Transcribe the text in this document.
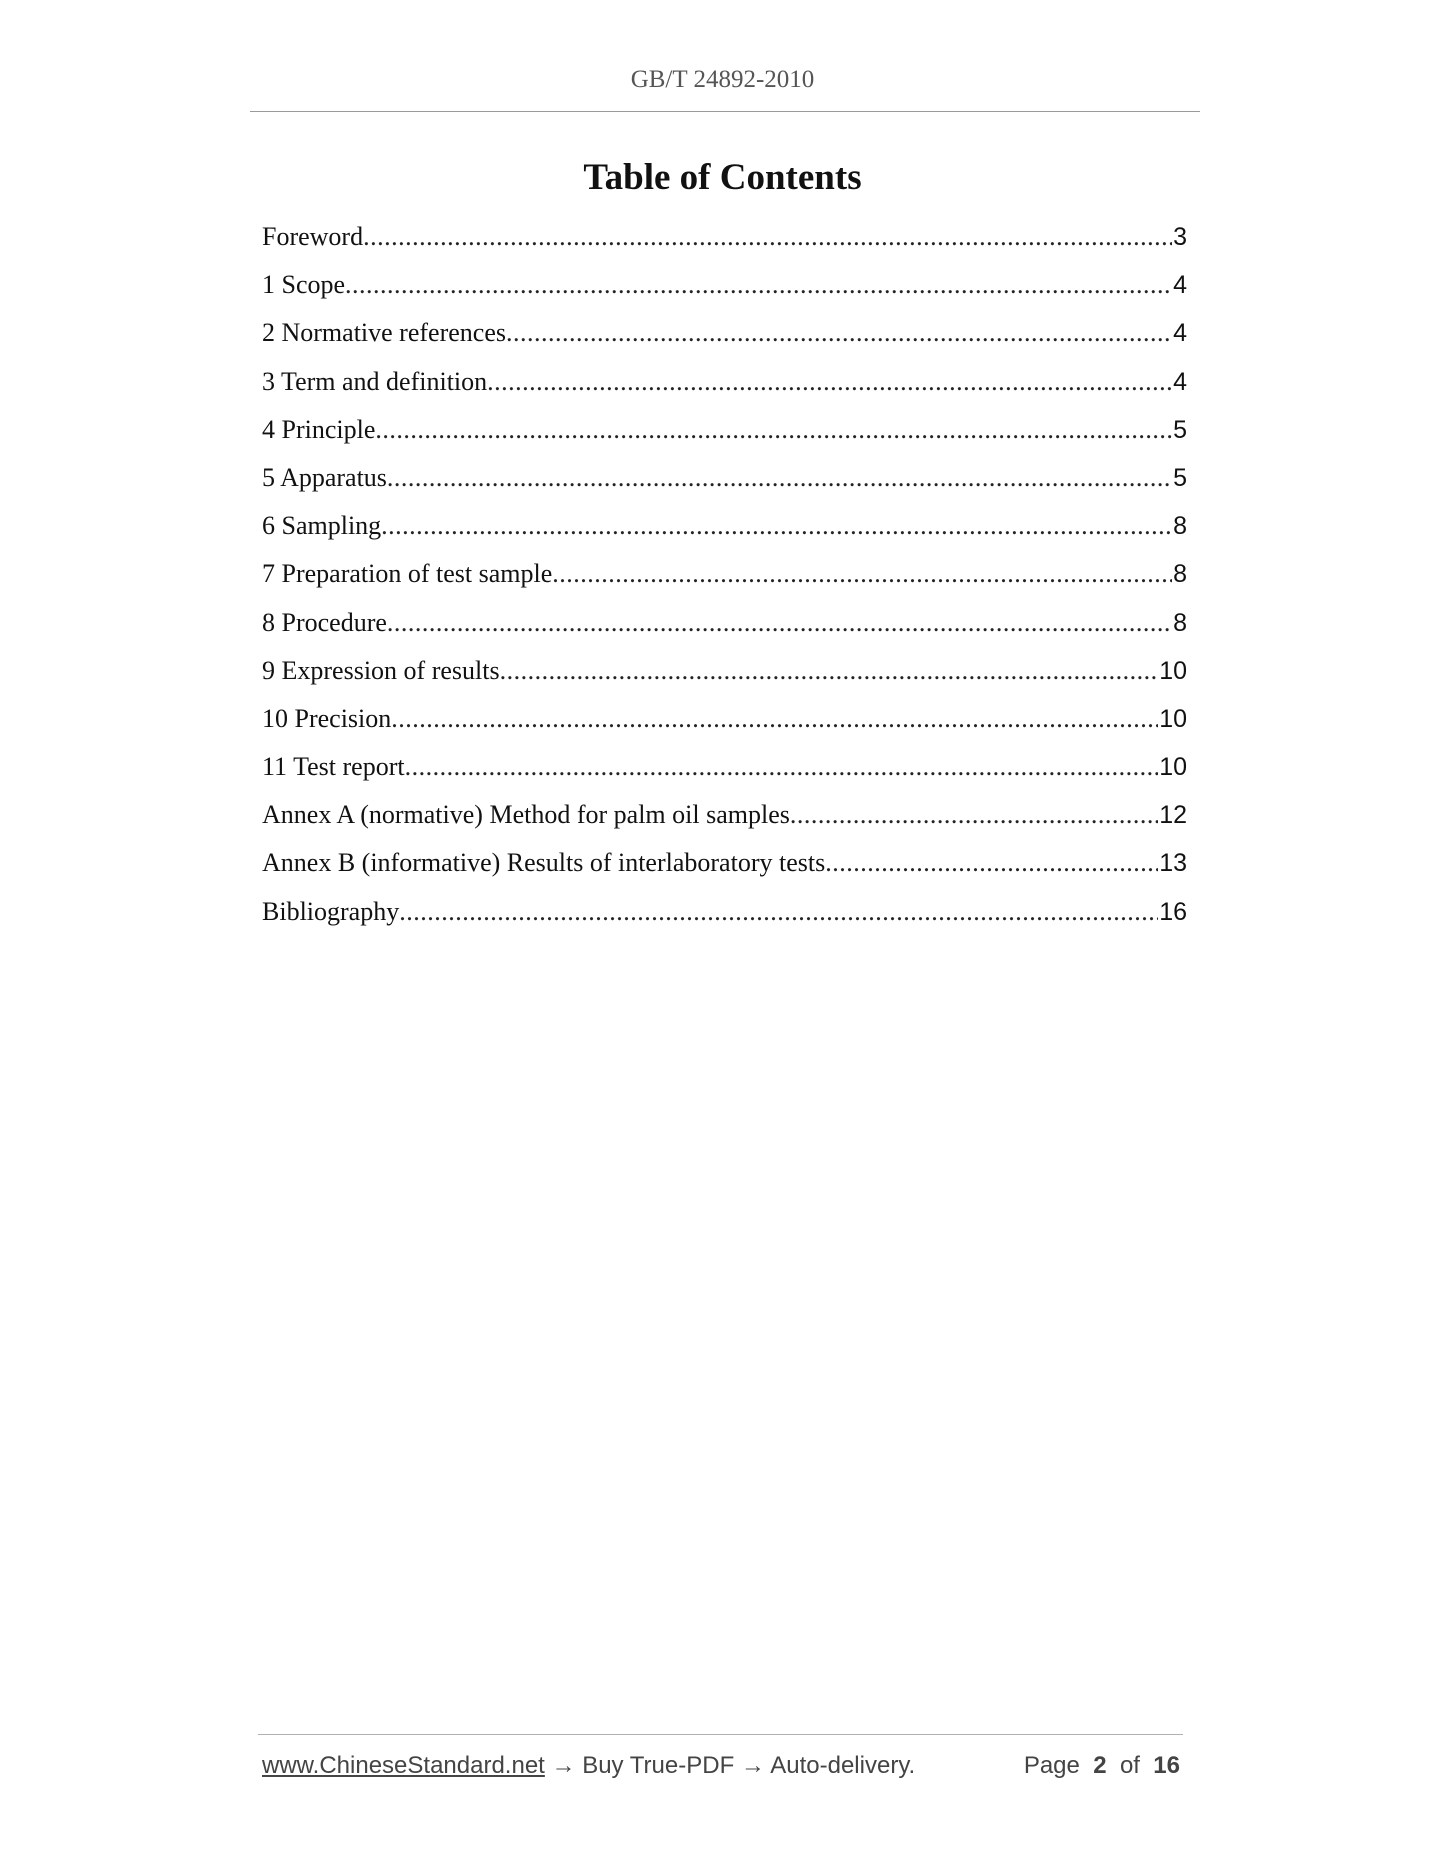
GB/T 24892-2010
Table of Contents
Foreword .....	3
1 Scope .....	4
2 Normative references .....	4
3 Term and definition .....	4
4 Principle .....	5
5 Apparatus .....	5
6 Sampling .....	8
7 Preparation of test sample .....	8
8 Procedure .....	8
9 Expression of results .....	10
10 Precision .....	10
11 Test report .....	10
Annex A (normative) Method for palm oil samples .....	12
Annex B (informative) Results of interlaboratory tests .....	13
Bibliography .....	16
www.ChineseStandard.net → Buy True-PDF → Auto-delivery.	Page 2 of 16
